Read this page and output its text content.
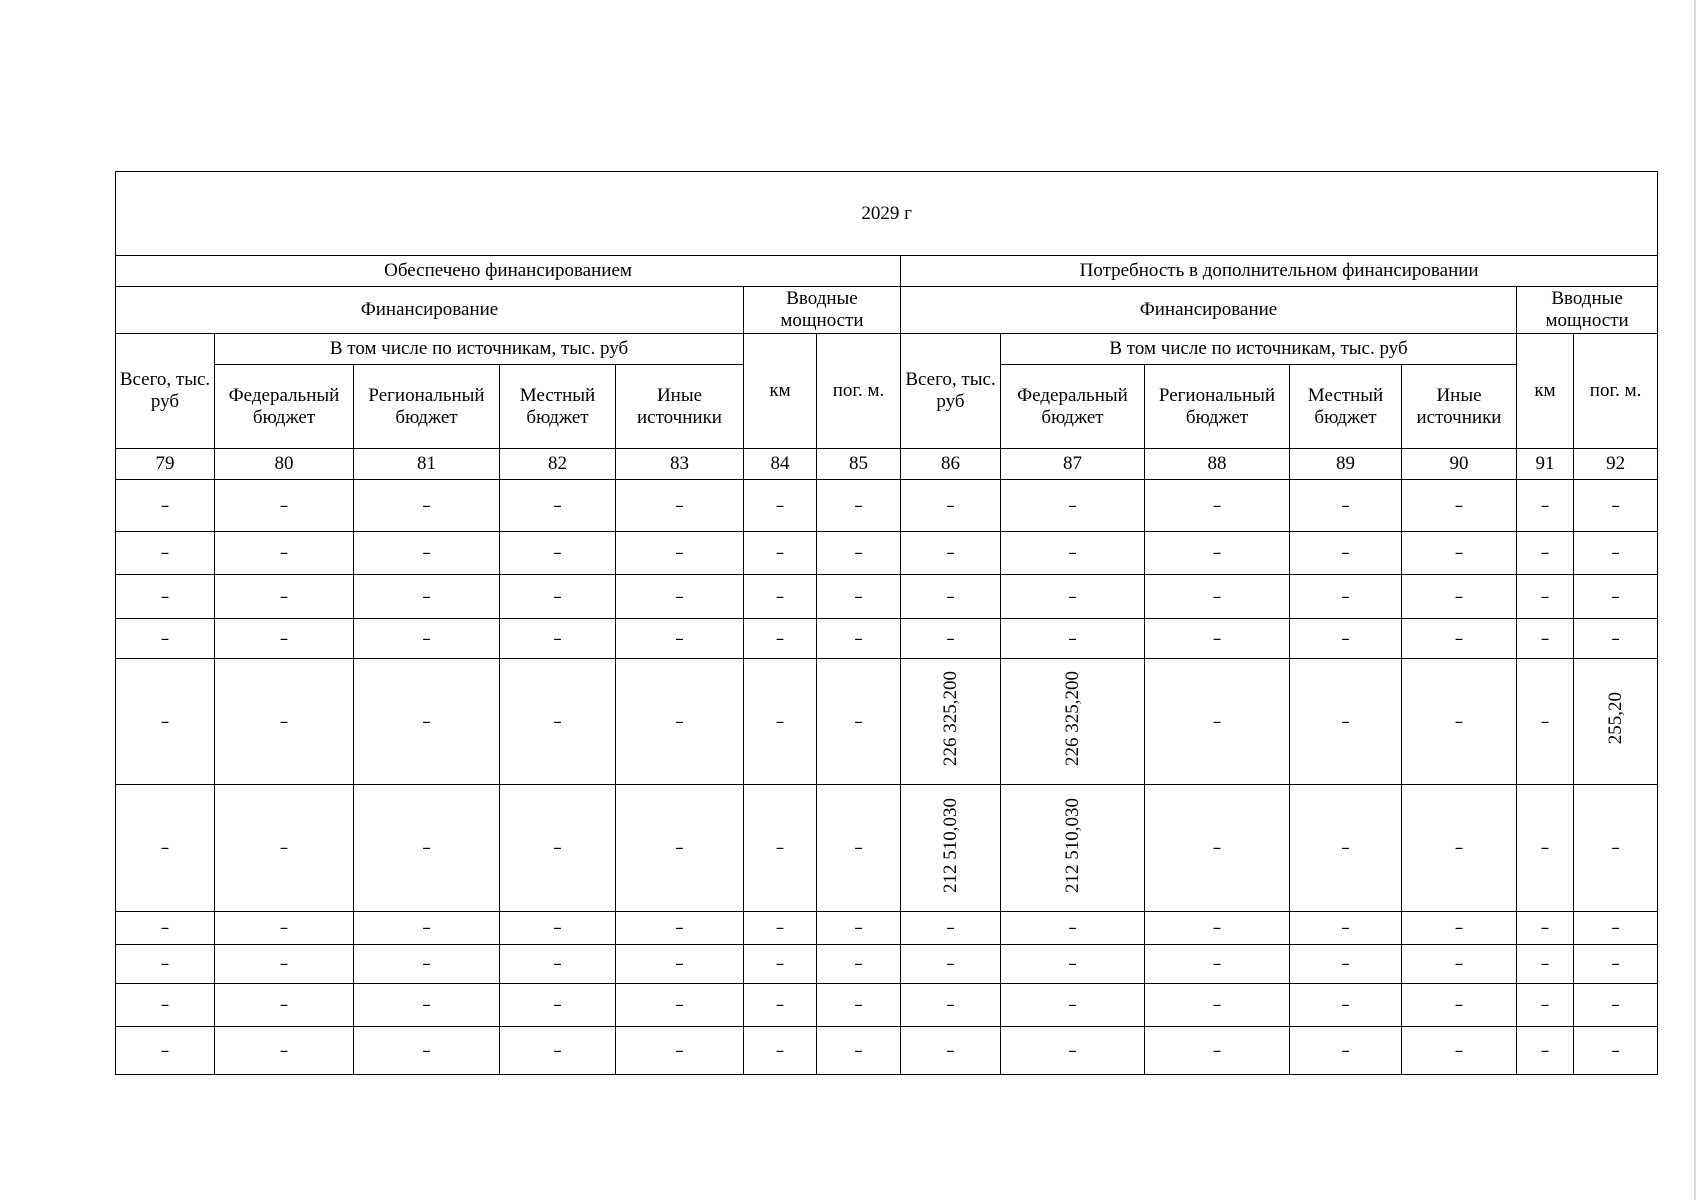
2029 г													
Обеспечено финансированием							Потребность в дополнительном финансировании						
Финансирование					Вводные мощности		Финансирование					Вводные мощности	
Всего, тыс. руб	В том числе по источникам, тыс. руб				км	пог. м.	Всего, тыс. руб	В том числе по источникам, тыс. руб				км	пог. м.
	Федеральный бюджет	Региональный бюджет	Местный бюджет	Иные источники				Федеральный бюджет	Региональный бюджет	Местный бюджет	Иные источники		
79	80	81	82	83	84	85	86	87	88	89	90	91	92
–	–	–	–	–	–	–	–	–	–	–	–	–	–
–	–	–	–	–	–	–	–	–	–	–	–	–	–
–	–	–	–	–	–	–	–	–	–	–	–	–	–
–	–	–	–	–	–	–	–	–	–	–	–	–	–
–	–	–	–	–	–	–	226 325,200	226 325,200	–	–	–	–	255,20
–	–	–	–	–	–	–	212 510,030	212 510,030	–	–	–	–	–
–	–	–	–	–	–	–	–	–	–	–	–	–	–
–	–	–	–	–	–	–	–	–	–	–	–	–	–
–	–	–	–	–	–	–	–	–	–	–	–	–	–
–	–	–	–	–	–	–	–	–	–	–	–	–	–
